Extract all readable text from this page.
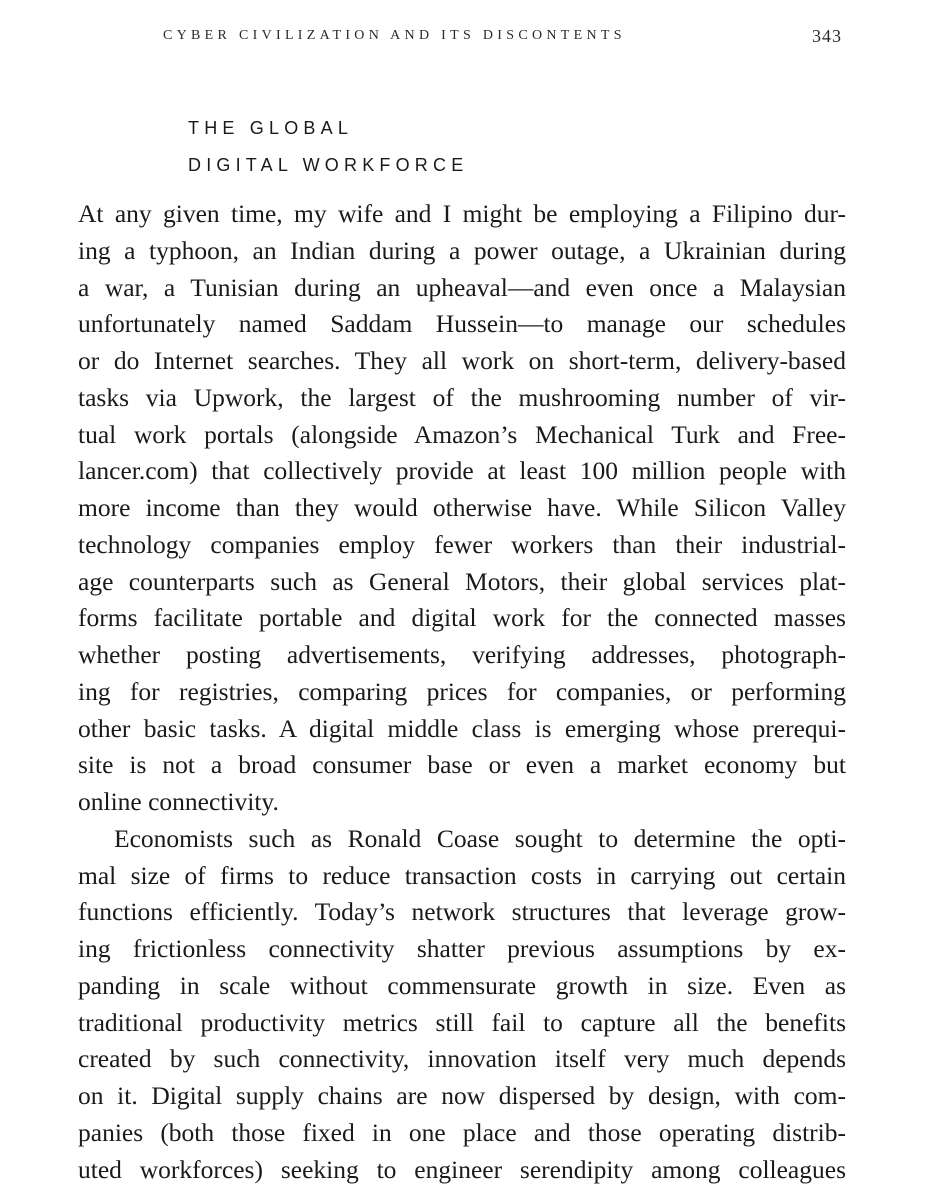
CYBER CIVILIZATION AND ITS DISCONTENTS	343
THE GLOBAL
DIGITAL WORKFORCE
At any given time, my wife and I might be employing a Filipino dur-
ing a typhoon, an Indian during a power outage, a Ukrainian during
a war, a Tunisian during an upheaval—and even once a Malaysian
unfortunately named Saddam Hussein—to manage our schedules
or do Internet searches. They all work on short-term, delivery-based
tasks via Upwork, the largest of the mushrooming number of vir-
tual work portals (alongside Amazon’s Mechanical Turk and Free-
lancer.com) that collectively provide at least 100 million people with
more income than they would otherwise have. While Silicon Valley
technology companies employ fewer workers than their industrial-
age counterparts such as General Motors, their global services plat-
forms facilitate portable and digital work for the connected masses
whether posting advertisements, verifying addresses, photograph-
ing for registries, comparing prices for companies, or performing
other basic tasks. A digital middle class is emerging whose prerequi-
site is not a broad consumer base or even a market economy but
online connectivity.
Economists such as Ronald Coase sought to determine the opti-
mal size of firms to reduce transaction costs in carrying out certain
functions efficiently. Today’s network structures that leverage grow-
ing frictionless connectivity shatter previous assumptions by ex-
panding in scale without commensurate growth in size. Even as
traditional productivity metrics still fail to capture all the benefits
created by such connectivity, innovation itself very much depends
on it. Digital supply chains are now dispersed by design, with com-
panies (both those fixed in one place and those operating distrib-
uted workforces) seeking to engineer serendipity among colleagues
